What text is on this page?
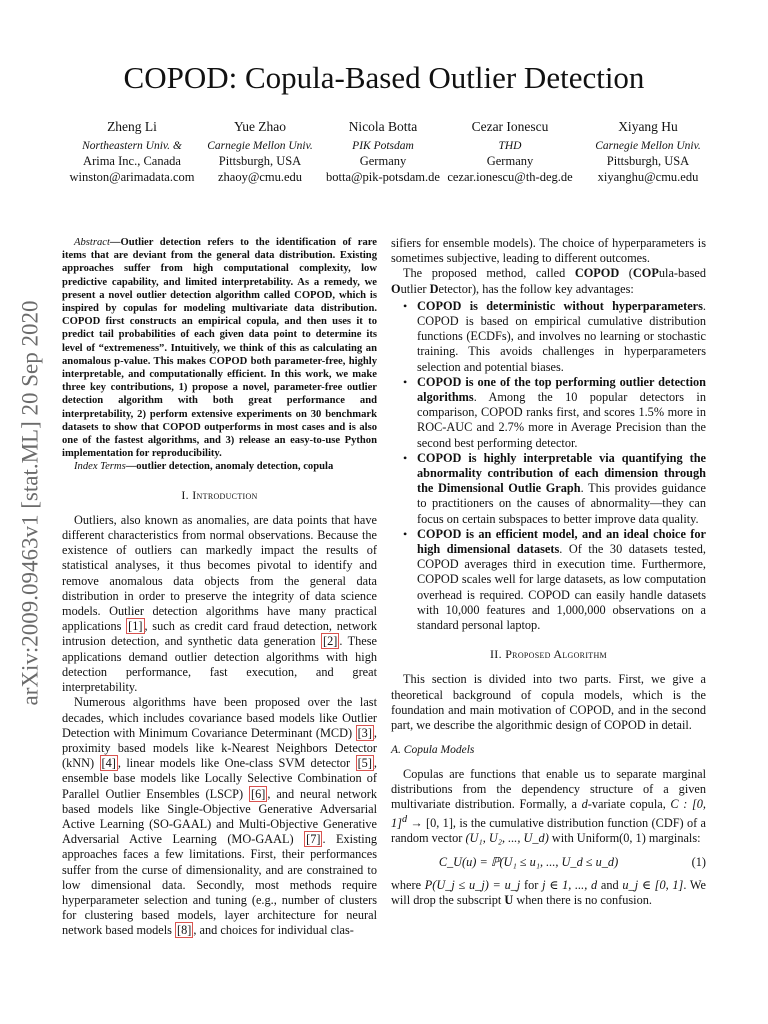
arXiv:2009.09463v1 [stat.ML] 20 Sep 2020
COPOD: Copula-Based Outlier Detection
Zheng Li
Northeastern Univ. &
Arima Inc., Canada
winston@arimadata.com
Yue Zhao
Carnegie Mellon Univ.
Pittsburgh, USA
zhaoy@cmu.edu
Nicola Botta
PIK Potsdam
Germany
botta@pik-potsdam.de
Cezar Ionescu
THD
Germany
cezar.ionescu@th-deg.de
Xiyang Hu
Carnegie Mellon Univ.
Pittsburgh, USA
xiyanghu@cmu.edu

Abstract—Outlier detection refers to the identification of rare items that are deviant from the general data distribution. Existing approaches suffer from high computational complexity, low predictive capability, and limited interpretability. As a remedy, we present a novel outlier detection algorithm called COPOD, which is inspired by copulas for modeling multivariate data distribution. COPOD first constructs an empirical copula, and then uses it to predict tail probabilities of each given data point to determine its level of “extremeness”. Intuitively, we think of this as calculating an anomalous p-value. This makes COPOD both parameter-free, highly interpretable, and computationally efficient. In this work, we make three key contributions, 1) propose a novel, parameter-free outlier detection algorithm with both great performance and interpretability, 2) perform extensive experiments on 30 benchmark datasets to show that COPOD outperforms in most cases and is also one of the fastest algorithms, and 3) release an easy-to-use Python implementation for reproducibility.

Index Terms—outlier detection, anomaly detection, copula

I. Introduction

Outliers, also known as anomalies, are data points that have different characteristics from normal observations. Because the existence of outliers can markedly impact the results of statistical analyses, it thus becomes pivotal to identify and remove anomalous data objects from the general data distribution in order to preserve the integrity of data science models. Outlier detection algorithms have many practical applications [1] , such as credit card fraud detection, network intrusion detection, and synthetic data generation [2] . These applications demand outlier detection algorithms with high detection performance, fast execution, and great interpretability.

Numerous algorithms have been proposed over the last decades, which includes covariance based models like Outlier Detection with Minimum Covariance Determinant (MCD) [3] , proximity based models like k-Nearest Neighbors Detector (kNN) [4] , linear models like One-class SVM detector [5] , ensemble base models like Locally Selective Combination of Parallel Outlier Ensembles (LSCP) [6] , and neural network based models like Single-Objective Generative Adversarial Active Learning (SO-GAAL) and Multi-Objective Generative Adversarial Active Learning (MO-GAAL) [7] . Existing approaches faces a few limitations. First, their performances suffer from the curse of dimensionality, and are constrained to low dimensional data. Secondly, most methods require hyperparameter selection and tuning (e.g., number of clusters for clustering based models, layer architecture for neural network based models [8] , and choices for individual clas-

sifiers for ensemble models). The choice of hyperparameters is sometimes subjective, leading to different outcomes.

The proposed method, called COPOD (COPula-based Outlier Detector), has the follow key advantages:

• COPOD is deterministic without hyperparameters. COPOD is based on empirical cumulative distribution functions (ECDFs), and involves no learning or stochastic training. This avoids challenges in hyperparameters selection and potential biases.
• COPOD is one of the top performing outlier detection algorithms. Among the 10 popular detectors in comparison, COPOD ranks first, and scores 1.5% more in ROC-AUC and 2.7% more in Average Precision than the second best performing detector.
• COPOD is highly interpretable via quantifying the abnormality contribution of each dimension through the Dimensional Outlie Graph. This provides guidance to practitioners on the causes of abnormality—they can focus on certain subspaces to better improve data quality.
• COPOD is an efficient model, and an ideal choice for high dimensional datasets. Of the 30 datasets tested, COPOD averages third in execution time. Furthermore, COPOD scales well for large datasets, as low computation overhead is required. COPOD can easily handle datasets with 10,000 features and 1,000,000 observations on a standard personal laptop.
II. Proposed Algorithm

This section is divided into two parts. First, we give a theoretical background of copula models, which is the foundation and main motivation of COPOD, and in the second part, we describe the algorithmic design of COPOD in detail.

A. Copula Models

Copulas are functions that enable us to separate marginal distributions from the dependency structure of a given multivariate distribution. Formally, a d-variate copula, C : [0, 1]$^d$ → [0, 1], is the cumulative distribution function (CDF) of a random vector (U₁, U₂, ..., U_d) with Uniform(0, 1) marginals:

C_U(u) = ℙ(U₁ ≤ u₁, ..., U_d ≤ u_d)	(1)

where P(U_j ≤ u_j) = u_j for j ∈ 1, ..., d and u_j ∈ [0, 1]. We will drop the subscript U when there is no confusion.
